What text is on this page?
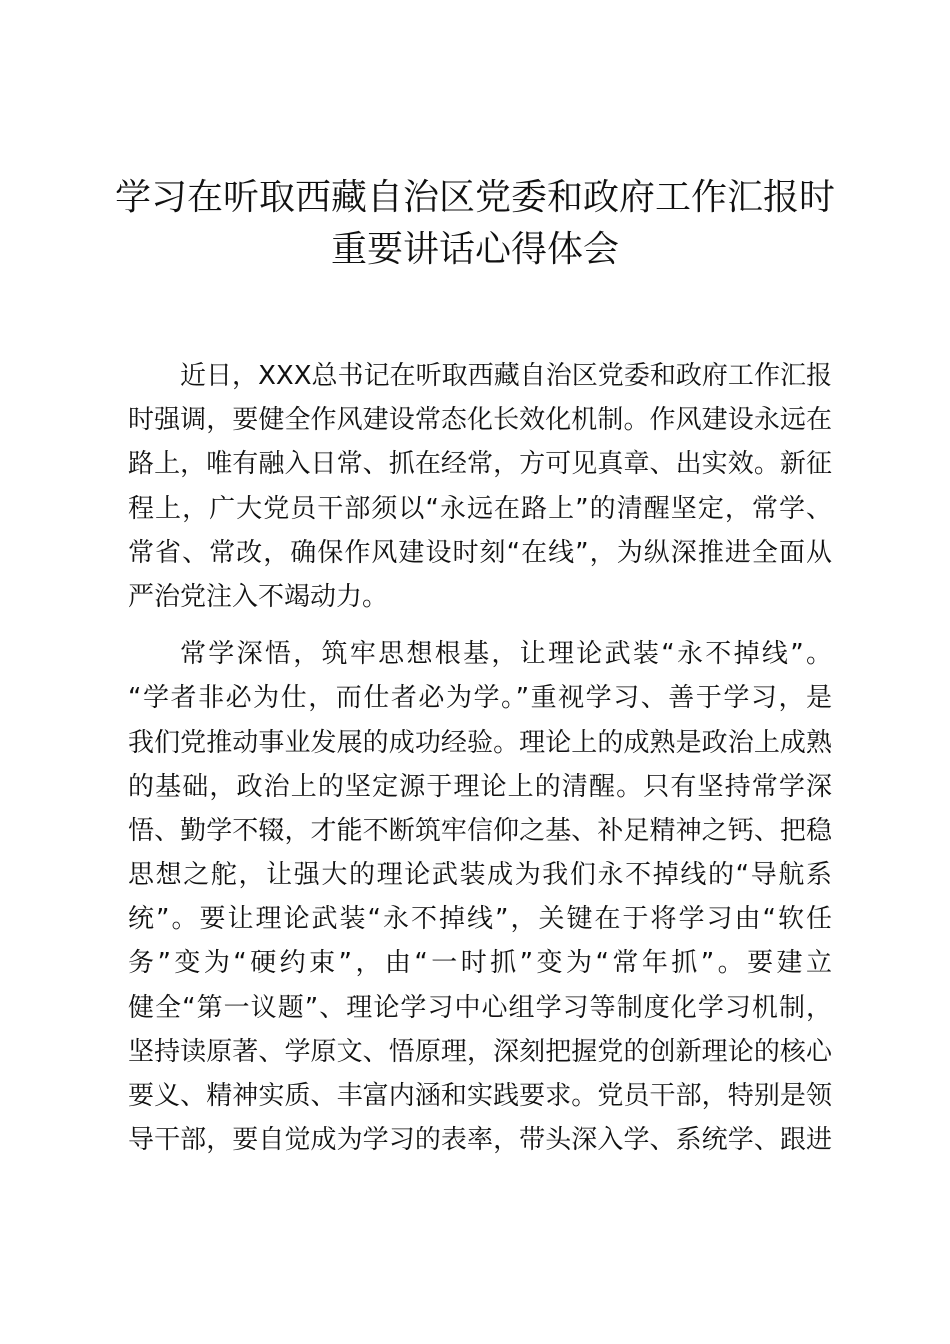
学习在听取西藏自治区党委和政府工作汇报时
重要讲话心得体会
近日，XXX总书记在听取西藏自治区党委和政府工作汇报
时强调，要健全作风建设常态化长效化机制。作风建设永远在
路上，唯有融入日常、抓在经常，方可见真章、出实效。新征
程上，广大党员干部须以“永远在路上”的清醒坚定，常学、
常省、常改，确保作风建设时刻“在线”，为纵深推进全面从
严治党注入不竭动力。
常学深悟，筑牢思想根基，让理论武装“永不掉线”。
“学者非必为仕，而仕者必为学。”重视学习、善于学习，是
我们党推动事业发展的成功经验。理论上的成熟是政治上成熟
的基础，政治上的坚定源于理论上的清醒。只有坚持常学深
悟、勤学不辍，才能不断筑牢信仰之基、补足精神之钙、把稳
思想之舵，让强大的理论武装成为我们永不掉线的“导航系
统”。要让理论武装“永不掉线”，关键在于将学习由“软任
务”变为“硬约束”，由“一时抓”变为“常年抓”。要建立
健全“第一议题”、理论学习中心组学习等制度化学习机制，
坚持读原著、学原文、悟原理，深刻把握党的创新理论的核心
要义、精神实质、丰富内涵和实践要求。党员干部，特别是领
导干部，要自觉成为学习的表率，带头深入学、系统学、跟进
